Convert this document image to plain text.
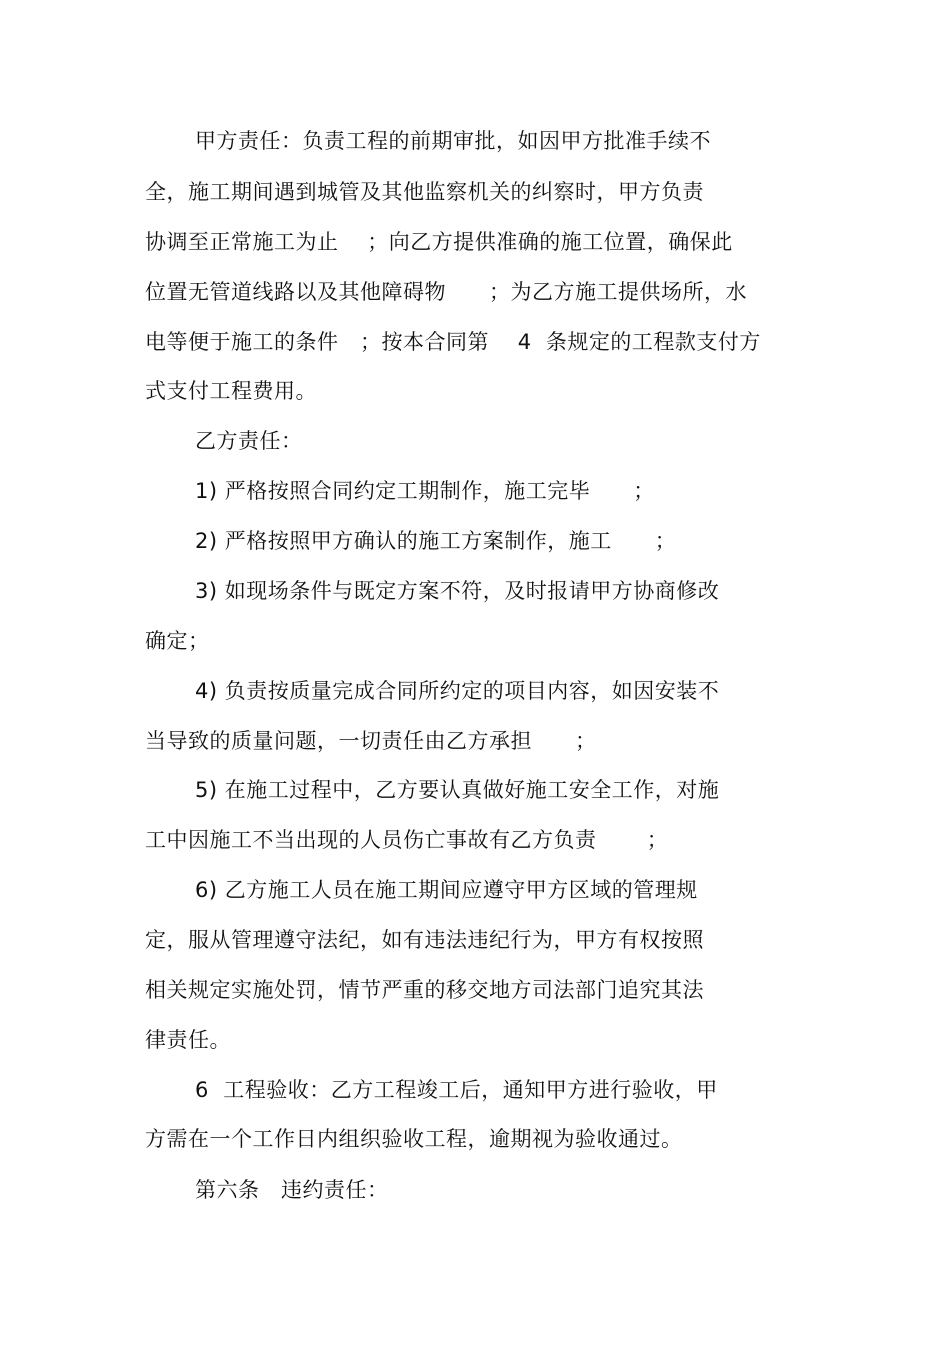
甲方责任：负责工程的前期审批，如因甲方批准手续不
全，施工期间遇到城管及其他监察机关的纠察时，甲方负责
协调至正常施工为止    ；向乙方提供准确的施工位置，确保此
位置无管道线路以及其他障碍物      ；为乙方施工提供场所，水
电等便于施工的条件   ；按本合同第    4  条规定的工程款支付方
式支付工程费用。
乙方责任：
1) 严格按照合同约定工期制作，施工完毕      ；
2) 严格按照甲方确认的施工方案制作，施工      ；
3) 如现场条件与既定方案不符，及时报请甲方协商修改
确定；
4) 负责按质量完成合同所约定的项目内容，如因安装不
当导致的质量问题，一切责任由乙方承担      ；
5) 在施工过程中，乙方要认真做好施工安全工作，对施
工中因施工不当出现的人员伤亡事故有乙方负责       ；
6) 乙方施工人员在施工期间应遵守甲方区域的管理规
定，服从管理遵守法纪，如有违法违纪行为，甲方有权按照
相关规定实施处罚，情节严重的移交地方司法部门追究其法
律责任。
6  工程验收：乙方工程竣工后，通知甲方进行验收，甲
方需在一个工作日内组织验收工程，逾期视为验收通过。
第六条   违约责任：
